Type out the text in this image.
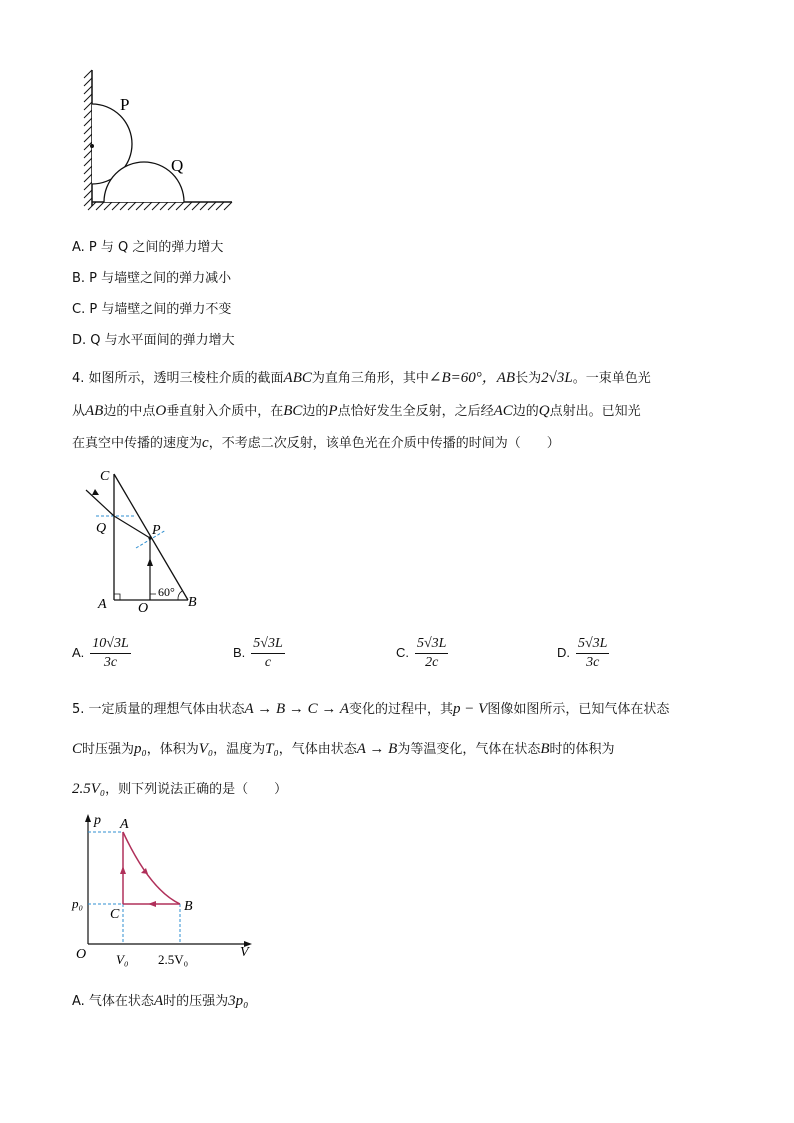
P
Q
A. P 与 Q 之间的弹力增大
B. P 与墙壁之间的弹力减小
C. P 与墙壁之间的弹力不变
D. Q 与水平面间的弹力增大
4. 如图所示，透明三棱柱介质的截面ABC为直角三角形，其中∠B=60°，AB长为2√3L。一束单色光
从AB边的中点O垂直射入介质中，在BC边的P点恰好发生全反射，之后经AC边的Q点射出。已知光
在真空中传播的速度为c，不考虑二次反射，该单色光在介质中传播的时间为（　　）
C
Q	P
A O	B
60°
A. $\frac{10√3L}{3c}$	B. $\frac{5√3L}{c}$	C. $\frac{5√3L}{2c}$	D. $\frac{5√3L}{3c}$
5. 一定质量的理想气体由状态A → B → C → A变化的过程中，其p − V图像如图所示，已知气体在状态
C时压强为p₀，体积为V₀，温度为T₀，气体由状态A → B为等温变化，气体在状态B时的体积为
2.5V₀，则下列说法正确的是（　　）
p
V
A
B
C
O
p₀
V₀ 2.5V₀
A. 气体在状态A时的压强为3p₀
